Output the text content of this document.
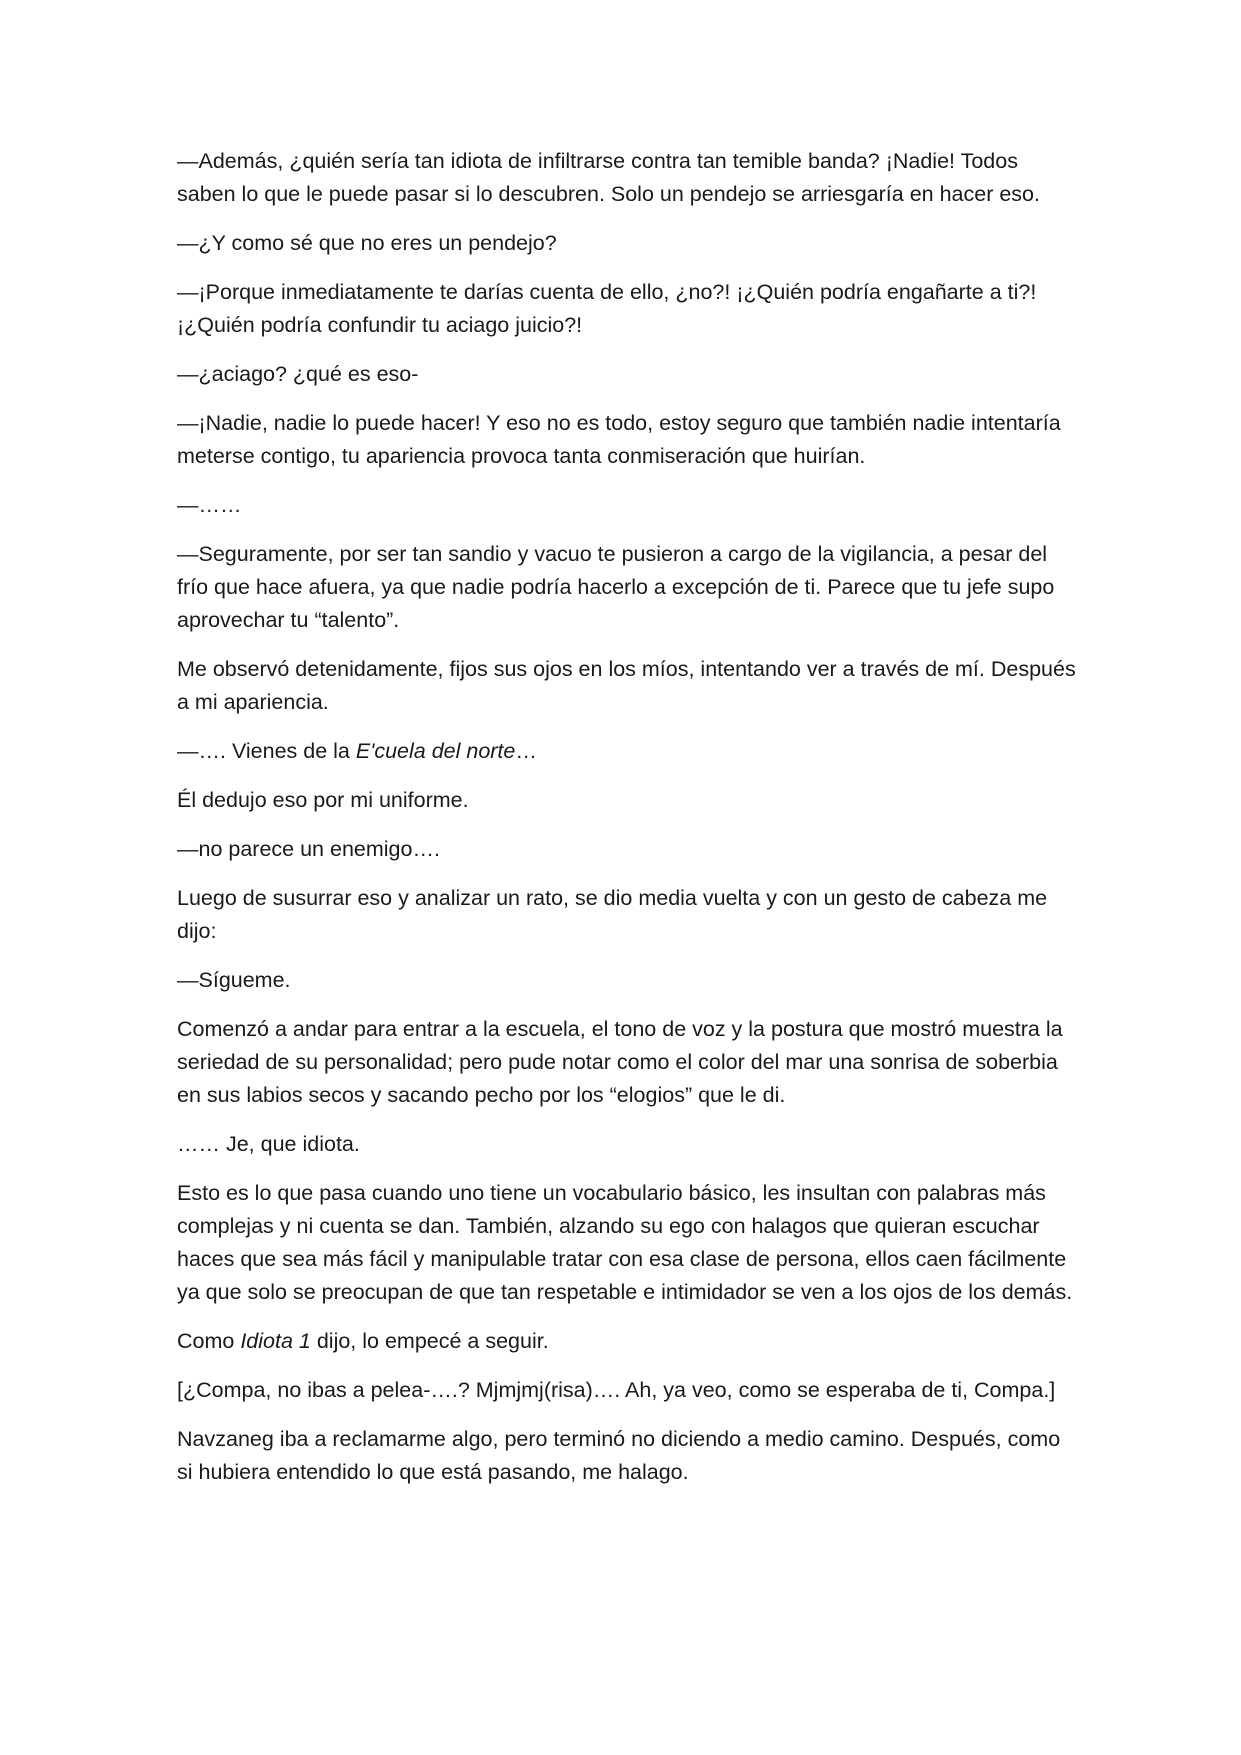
—Además, ¿quién sería tan idiota de infiltrarse contra tan temible banda? ¡Nadie! Todos saben lo que le puede pasar si lo descubren. Solo un pendejo se arriesgaría en hacer eso.

—¿Y como sé que no eres un pendejo?

—¡Porque inmediatamente te darías cuenta de ello, ¿no?! ¡¿Quién podría engañarte a ti?! ¡¿Quién podría confundir tu aciago juicio?!

—¿aciago? ¿qué es eso-

—¡Nadie, nadie lo puede hacer! Y eso no es todo, estoy seguro que también nadie intentaría meterse contigo, tu apariencia provoca tanta conmiseración que huirían.

—……

—Seguramente, por ser tan sandio y vacuo te pusieron a cargo de la vigilancia, a pesar del frío que hace afuera, ya que nadie podría hacerlo a excepción de ti. Parece que tu jefe supo aprovechar tu “talento”.

Me observó detenidamente, fijos sus ojos en los míos, intentando ver a través de mí. Después a mi apariencia.

—…. Vienes de la E'cuela del norte…

Él dedujo eso por mi uniforme.

—no parece un enemigo….

Luego de susurrar eso y analizar un rato, se dio media vuelta y con un gesto de cabeza me dijo:

—Sígueme.

Comenzó a andar para entrar a la escuela, el tono de voz y la postura que mostró muestra la seriedad de su personalidad; pero pude notar como el color del mar una sonrisa de soberbia en sus labios secos y sacando pecho por los “elogios” que le di.

…… Je, que idiota.

Esto es lo que pasa cuando uno tiene un vocabulario básico, les insultan con palabras más complejas y ni cuenta se dan. También, alzando su ego con halagos que quieran escuchar haces que sea más fácil y manipulable tratar con esa clase de persona, ellos caen fácilmente ya que solo se preocupan de que tan respetable e intimidador se ven a los ojos de los demás.

Como Idiota 1 dijo, lo empecé a seguir.

[¿Compa, no ibas a pelea-….? Mjmjmj(risa)…. Ah, ya veo, como se esperaba de ti, Compa.]

Navzaneg iba a reclamarme algo, pero terminó no diciendo a medio camino. Después, como si hubiera entendido lo que está pasando, me halago.
